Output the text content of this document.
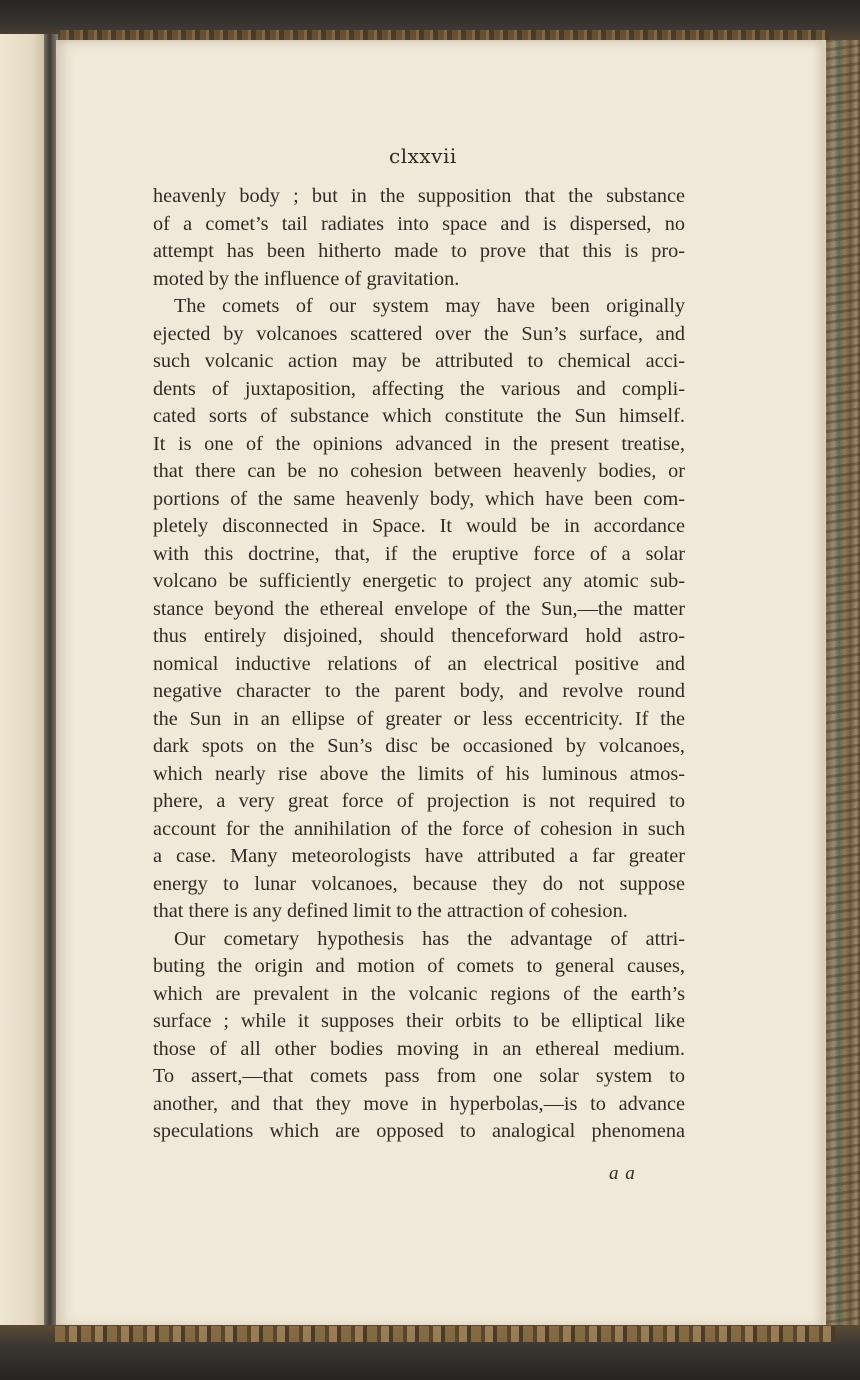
clxxvii
heavenly body ; but in the supposition that the substance
of a comet’s tail radiates into space and is dispersed, no
attempt has been hitherto made to prove that this is pro-
moted by the influence of gravitation.
The comets of our system may have been originally
ejected by volcanoes scattered over the Sun’s surface, and
such volcanic action may be attributed to chemical acci-
dents of juxtaposition, affecting the various and compli-
cated sorts of substance which constitute the Sun himself.
It is one of the opinions advanced in the present treatise,
that there can be no cohesion between heavenly bodies, or
portions of the same heavenly body, which have been com-
pletely disconnected in Space. It would be in accordance
with this doctrine, that, if the eruptive force of a solar
volcano be sufficiently energetic to project any atomic sub-
stance beyond the ethereal envelope of the Sun,—the matter
thus entirely disjoined, should thenceforward hold astro-
nomical inductive relations of an electrical positive and
negative character to the parent body, and revolve round
the Sun in an ellipse of greater or less eccentricity. If the
dark spots on the Sun’s disc be occasioned by volcanoes,
which nearly rise above the limits of his luminous atmos-
phere, a very great force of projection is not required to
account for the annihilation of the force of cohesion in such
a case. Many meteorologists have attributed a far greater
energy to lunar volcanoes, because they do not suppose
that there is any defined limit to the attraction of cohesion.
Our cometary hypothesis has the advantage of attri-
buting the origin and motion of comets to general causes,
which are prevalent in the volcanic regions of the earth’s
surface ; while it supposes their orbits to be elliptical like
those of all other bodies moving in an ethereal medium.
To assert,—that comets pass from one solar system to
another, and that they move in hyperbolas,—is to advance
speculations which are opposed to analogical phenomena
a a
